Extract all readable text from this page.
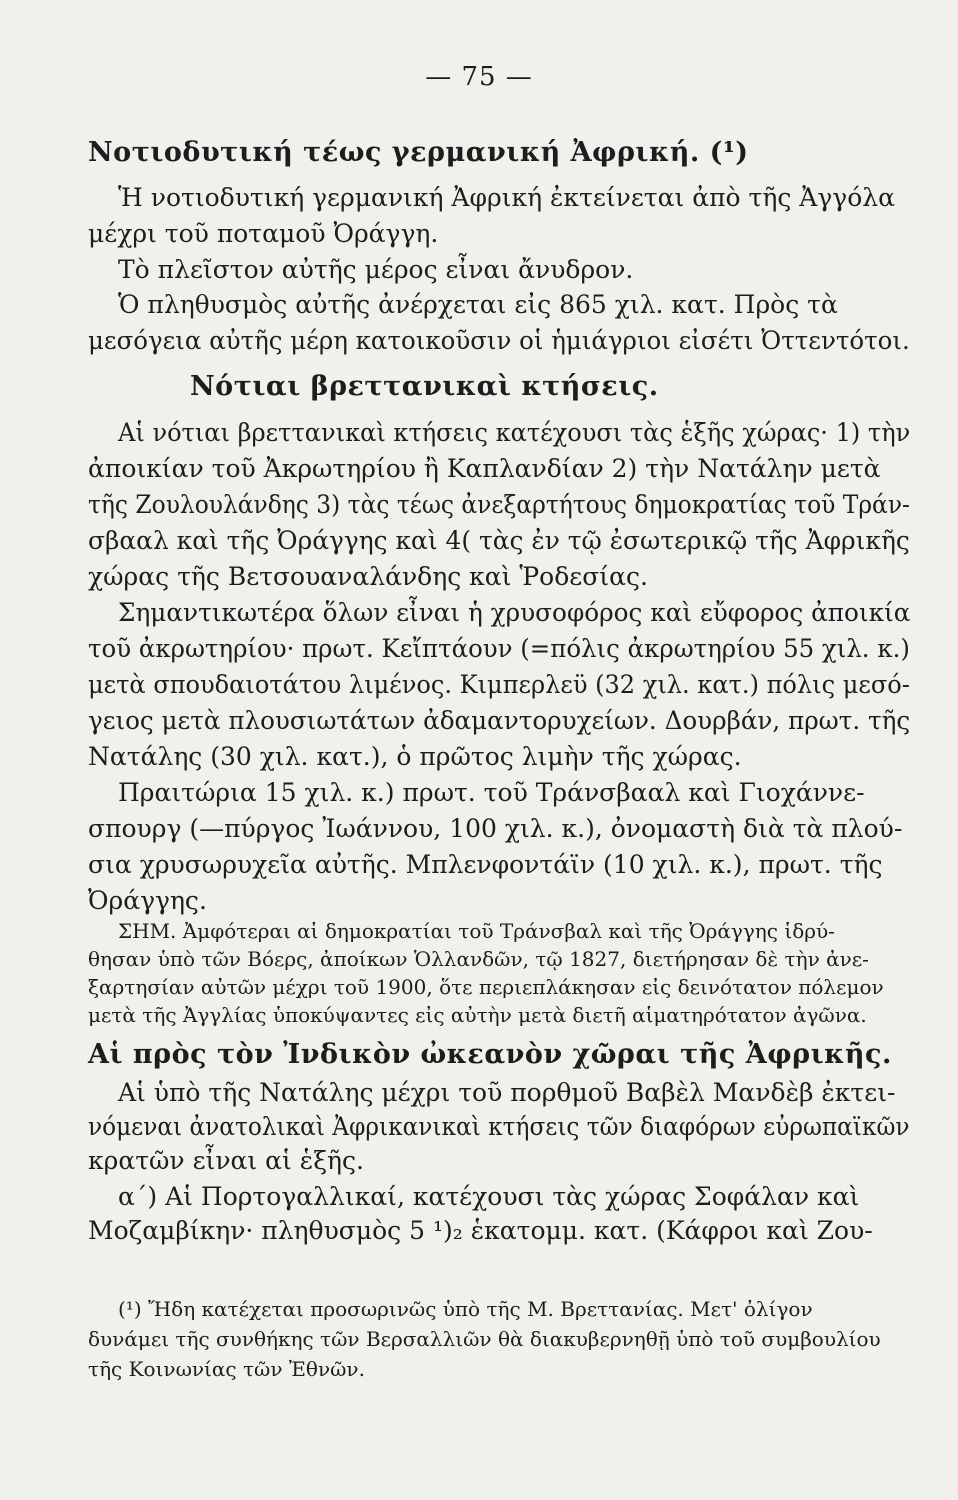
— 75 —
Νοτιοδυτική τέως γερμανική Ἀφρική. (¹)
Ἡ νοτιοδυτική γερμανική Ἀφρική ἐκτείνεται ἀπὸ τῆς Ἀγγόλα
μέχρι τοῦ ποταμοῦ Ὀράγγη.
Τὸ πλεῖστον αὐτῆς μέρος εἶναι ἄνυδρον.
Ὁ πληθυσμὸς αὐτῆς ἀνέρχεται εἰς 865 χιλ. κατ. Πρὸς τὰ
μεσόγεια αὐτῆς μέρη κατοικοῦσιν οἱ ἡμιάγριοι εἰσέτι Ὀττεντότοι.
Νότιαι βρεττανικαὶ κτήσεις.
Αἱ νότιαι βρεττανικαὶ κτήσεις κατέχουσι τὰς ἑξῆς χώρας· 1) τὴν
ἀποικίαν τοῦ Ἀκρωτηρίου ἢ Καπλανδίαν 2) τὴν Νατάλην μετὰ
τῆς Ζουλουλάνδης 3) τὰς τέως ἀνεξαρτήτους δημοκρατίας τοῦ Τράν-
σβααλ καὶ τῆς Ὀράγγης καὶ 4( τὰς ἐν τῷ ἐσωτερικῷ τῆς Ἀφρικῆς
χώρας τῆς Βετσουαναλάνδης καὶ Ῥοδεσίας.
Σημαντικωτέρα ὅλων εἶναι ἡ χρυσοφόρος καὶ εὔφορος ἀποικία
τοῦ ἀκρωτηρίου· πρωτ. Κεἴπτάουν (=πόλις ἀκρωτηρίου 55 χιλ. κ.)
μετὰ σπουδαιοτάτου λιμένος. Κιμπερλεϋ (32 χιλ. κατ.) πόλις μεσό-
γειος μετὰ πλουσιωτάτων ἀδαμαντορυχείων. Δουρβάν, πρωτ. τῆς
Νατάλης (30 χιλ. κατ.), ὁ πρῶτος λιμὴν τῆς χώρας.
Πραιτώρια 15 χιλ. κ.) πρωτ. τοῦ Τράνσβααλ καὶ Γιοχάννε-
σπουργ (—πύργος Ἰωάννου, 100 χιλ. κ.), ὀνομαστὴ διὰ τὰ πλού-
σια χρυσωρυχεῖα αὐτῆς. Μπλενφοντάϊν (10 χιλ. κ.), πρωτ. τῆς
Ὀράγγης.
ΣΗΜ. Ἀμφότεραι αἱ δημοκρατίαι τοῦ Τράνσβαλ καὶ τῆς Ὀράγγης ἱδρύ-
θησαν ὑπὸ τῶν Βόερς, ἀποίκων Ὁλλανδῶν, τῷ 1827, διετήρησαν δὲ τὴν ἀνε-
ξαρτησίαν αὐτῶν μέχρι τοῦ 1900, ὅτε περιεπλάκησαν εἰς δεινότατον πόλεμον
μετὰ τῆς Ἀγγλίας ὑποκύψαντες εἰς αὐτὴν μετὰ διετῆ αἱματηρότατον ἀγῶνα.
Αἱ πρὸς τὸν Ἰνδικὸν ὠκεανὸν χῶραι τῆς Ἀφρικῆς.
Αἱ ὑπὸ τῆς Νατάλης μέχρι τοῦ πορθμοῦ Βαβὲλ Μανδὲβ ἐκτει-
νόμεναι ἀνατολικαὶ Ἀφρικανικαὶ κτήσεις τῶν διαφόρων εὐρωπαϊκῶν
κρατῶν εἶναι αἱ ἑξῆς.
α΄) Αἱ Πορτογαλλικαί, κατέχουσι τὰς χώρας Σοφάλαν καὶ
Μοζαμβίκην· πληθυσμὸς 5 ¹)₂ ἑκατομμ. κατ. (Κάφροι καὶ Ζου-
(¹) Ἤδη κατέχεται προσωρινῶς ὑπὸ τῆς Μ. Βρεττανίας. Μετ' ὀλίγον
δυνάμει τῆς συνθήκης τῶν Βερσαλλιῶν θὰ διακυβερνηθῇ ὑπὸ τοῦ συμβουλίου
τῆς Κοινωνίας τῶν Ἐθνῶν.
